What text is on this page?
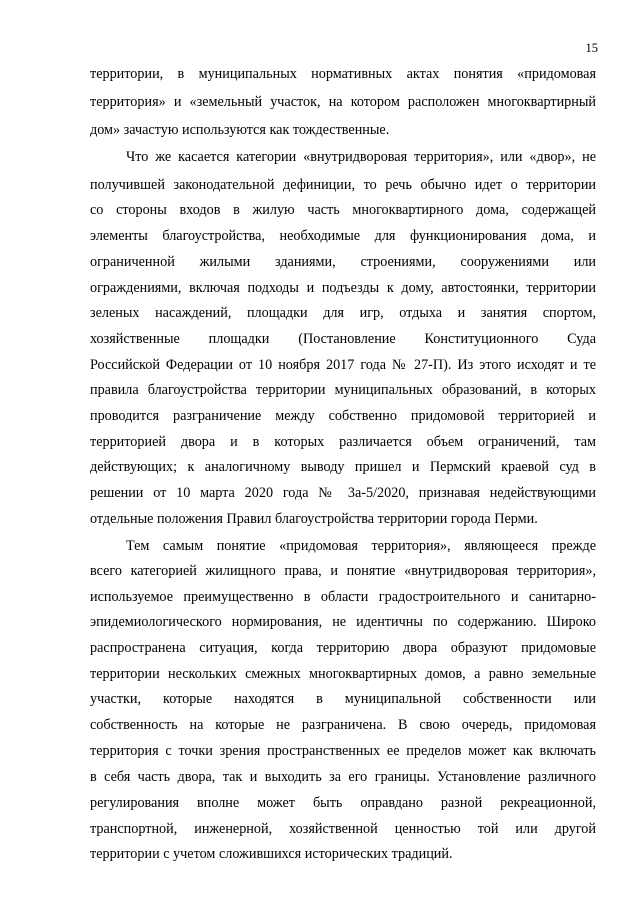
15
территории, в муниципальных нормативных актах понятия «придомовая
территория» и «земельный участок, на котором расположен многоквартирный
дом» зачастую используются как тождественные.
Что же касается категории «внутридворовая территория», или «двор», не
получившей законодательной дефиниции, то речь обычно идет о территории
со стороны входов в жилую часть многоквартирного дома, содержащей
элементы благоустройства, необходимые для функционирования дома, и
ограниченной жилыми зданиями, строениями, сооружениями или
ограждениями, включая подходы и подъезды к дому, автостоянки, территории
зеленых насаждений, площадки для игр, отдыха и занятия спортом,
хозяйственные площадки (Постановление Конституционного Суда
Российской Федерации от 10 ноября 2017 года № 27-П). Из этого исходят и те
правила благоустройства территории муниципальных образований, в которых
проводится разграничение между собственно придомовой территорией и
территорией двора и в которых различается объем ограничений, там
действующих; к аналогичному выводу пришел и Пермский краевой суд в
решении от 10 марта 2020 года № 3а-5/2020, признавая недействующими
отдельные положения Правил благоустройства территории города Перми.
Тем самым понятие «придомовая территория», являющееся прежде
всего категорией жилищного права, и понятие «внутридворовая территория»,
используемое преимущественно в области градостроительного и санитарно-
эпидемиологического нормирования, не идентичны по содержанию. Широко
распространена ситуация, когда территорию двора образуют придомовые
территории нескольких смежных многоквартирных домов, а равно земельные
участки, которые находятся в муниципальной собственности или
собственность на которые не разграничена. В свою очередь, придомовая
территория с точки зрения пространственных ее пределов может как включать
в себя часть двора, так и выходить за его границы. Установление различного
регулирования вполне может быть оправдано разной рекреационной,
транспортной, инженерной, хозяйственной ценностью той или другой
территории с учетом сложившихся исторических традиций.
